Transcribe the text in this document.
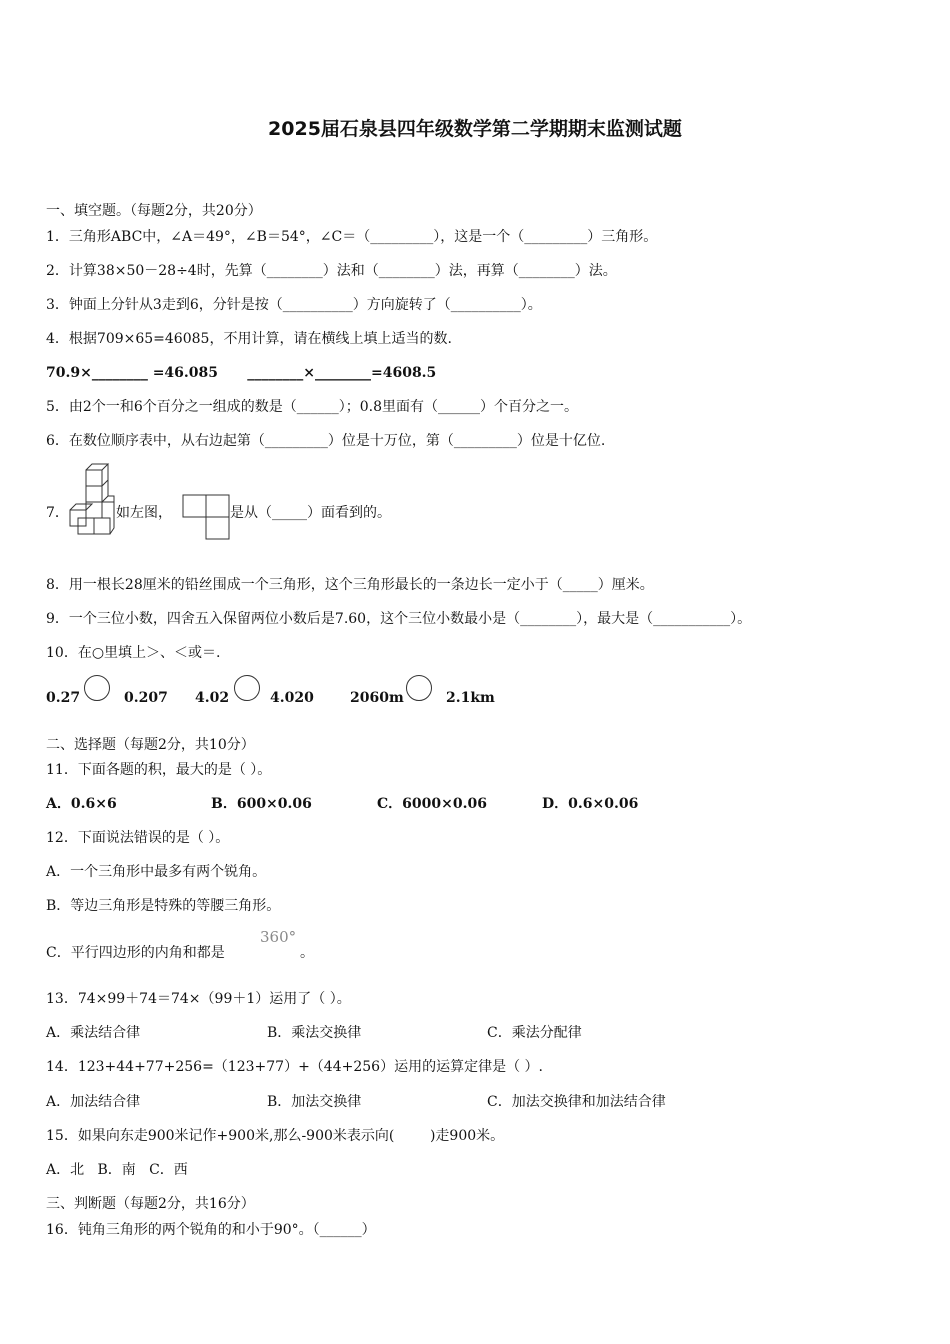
2025届石泉县四年级数学第二学期期末监测试题
一、填空题。（每题2分，共20分）
1．三角形ABC中，∠A＝49°，∠B＝54°，∠C＝（_________），这是一个（_________）三角形。
2．计算38×50－28÷4时，先算（________）法和（________）法，再算（________）法。
3．钟面上分针从3走到6，分针是按（__________）方向旋转了（__________）。
4．根据709×65=46085，不用计算，请在横线上填上适当的数.
70.9×________ =46.085      ________×________=4608.5
5．由2个一和6个百分之一组成的数是（______）；0.8里面有（______）个百分之一。
6．在数位顺序表中，从右边起第（_________）位是十万位，第（_________）位是十亿位.
7．	如左图，	是从（_____）面看到的。
8．用一根长28厘米的铅丝围成一个三角形，这个三角形最长的一条边长一定小于（_____）厘米。
9．一个三位小数，四舍五入保留两位小数后是7.60，这个三位小数最小是（________），最大是（___________）。
10．在○里填上＞、＜或＝.
0.27	0.207 4.02	4.020	2060m	2.1km
二、选择题（每题2分，共10分）
11．下面各题的积，最大的是（ ）。
A．0.6×6	B．600×0.06	C．6000×0.06	D．0.6×0.06
12．下面说法错误的是（ ）。
A．一个三角形中最多有两个锐角。
B．等边三角形是特殊的等腰三角形。
C．平行四边形的内角和都是
360°
。
13．74×99＋74＝74×（99＋1）运用了（ ）。
A．乘法结合律	B．乘法交换律	C．乘法分配律
14．123+44+77+256=（123+77）+（44+256）运用的运算定律是（ ）.
A．加法结合律	B．加法交换律	C．加法交换律和加法结合律
15．如果向东走900米记作+900米,那么-900米表示向(        )走900米。
A．北   B．南   C．西
三、判断题（每题2分，共16分）
16．钝角三角形的两个锐角的和小于90°。（______）
